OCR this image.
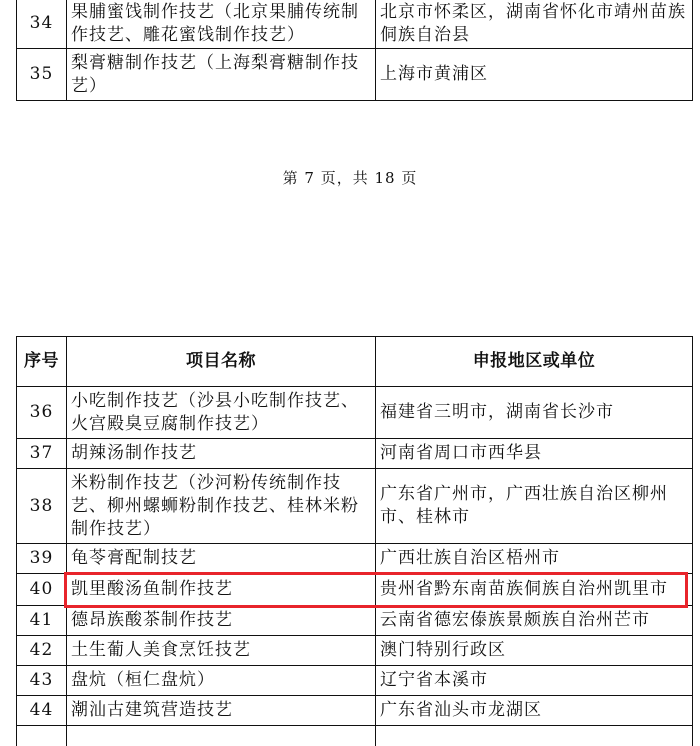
34	果脯蜜饯制作技艺（北京果脯传统制作技艺、雕花蜜饯制作技艺）	北京市怀柔区，湖南省怀化市靖州苗族侗族自治县
35	梨膏糖制作技艺（上海梨膏糖制作技艺）	上海市黄浦区
第 7 页，共 18 页
序号	项目名称	申报地区或单位
36	小吃制作技艺（沙县小吃制作技艺、火宫殿臭豆腐制作技艺）	福建省三明市，湖南省长沙市
37	胡辣汤制作技艺	河南省周口市西华县
38	米粉制作技艺（沙河粉传统制作技艺、柳州螺蛳粉制作技艺、桂林米粉制作技艺）	广东省广州市，广西壮族自治区柳州市、桂林市
39	龟苓膏配制技艺	广西壮族自治区梧州市
40	凯里酸汤鱼制作技艺	贵州省黔东南苗族侗族自治州凯里市
41	德昂族酸茶制作技艺	云南省德宏傣族景颇族自治州芒市
42	土生葡人美食烹饪技艺	澳门特别行政区
43	盘炕（桓仁盘炕）	辽宁省本溪市
44	潮汕古建筑营造技艺	广东省汕头市龙湖区
